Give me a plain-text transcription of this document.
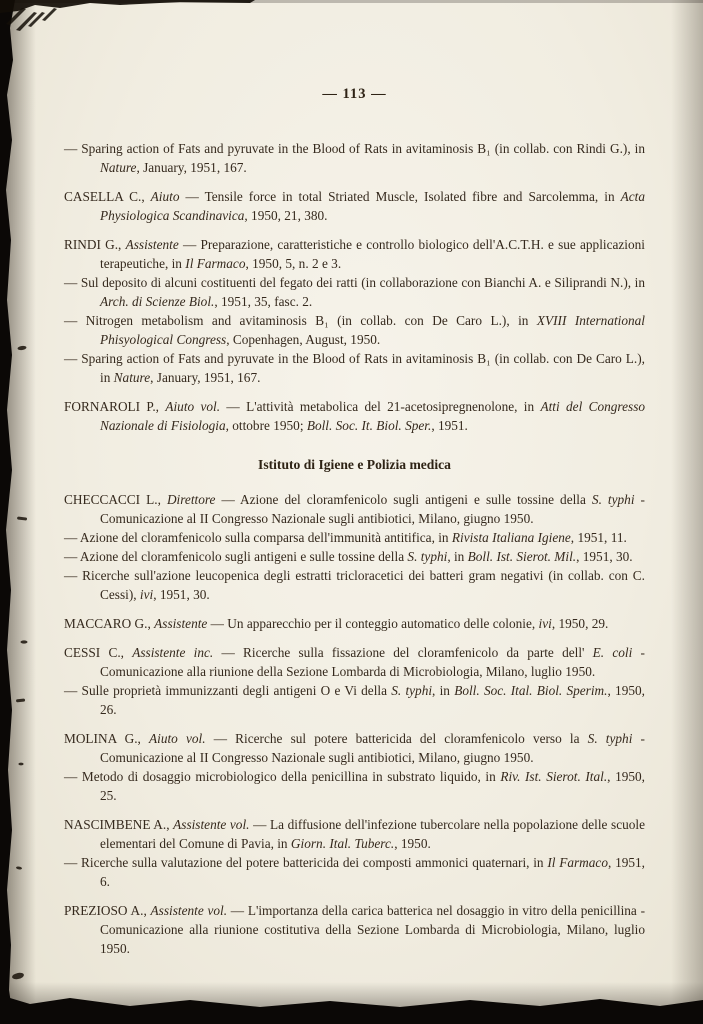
— 113 —

— Sparing action of Fats and pyruvate in the Blood of Rats in avitaminosis B₁ (in collab. con Rindi G.), in Nature, January, 1951, 167.

CASELLA C., Aiuto — Tensile force in total Striated Muscle, Isolated fibre and Sarcolemma, in Acta Physiologica Scandinavica, 1950, 21, 380.

RINDI G., Assistente — Preparazione, caratteristiche e controllo biologico dell'A.C.T.H. e sue applicazioni terapeutiche, in Il Farmaco, 1950, 5, n. 2 e 3.

— Sul deposito di alcuni costituenti del fegato dei ratti (in collaborazione con Bianchi A. e Siliprandi N.), in Arch. di Scienze Biol., 1951, 35, fasc. 2.

— Nitrogen metabolism and avitaminosis B₁ (in collab. con De Caro L.), in XVIII International Phisyological Congress, Copenhagen, August, 1950.

— Sparing action of Fats and pyruvate in the Blood of Rats in avitaminosis B₁ (in collab. con De Caro L.), in Nature, January, 1951, 167.

FORNAROLI P., Aiuto vol. — L'attività metabolica del 21-acetosipregnenolone, in Atti del Congresso Nazionale di Fisiologia, ottobre 1950; Boll. Soc. It. Biol. Sper., 1951.

Istituto di Igiene e Polizia medica

CHECCACCI L., Direttore — Azione del cloramfenicolo sugli antigeni e sulle tossine della S. typhi - Comunicazione al II Congresso Nazionale sugli antibiotici, Milano, giugno 1950.

— Azione del cloramfenicolo sulla comparsa dell'immunità antitifica, in Rivista Italiana Igiene, 1951, 11.

— Azione del cloramfenicolo sugli antigeni e sulle tossine della S. typhi, in Boll. Ist. Sierot. Mil., 1951, 30.

— Ricerche sull'azione leucopenica degli estratti tricloracetici dei batteri gram negativi (in collab. con C. Cessi), ivi, 1951, 30.

MACCARO G., Assistente — Un apparecchio per il conteggio automatico delle colonie, ivi, 1950, 29.

CESSI C., Assistente inc. — Ricerche sulla fissazione del cloramfenicolo da parte dell' E. coli - Comunicazione alla riunione della Sezione Lombarda di Microbiologia, Milano, luglio 1950.

— Sulle proprietà immunizzanti degli antigeni O e Vi della S. typhi, in Boll. Soc. Ital. Biol. Sperim., 1950, 26.

MOLINA G., Aiuto vol. — Ricerche sul potere battericida del cloramfenicolo verso la S. typhi - Comunicazione al II Congresso Nazionale sugli antibiotici, Milano, giugno 1950.

— Metodo di dosaggio microbiologico della penicillina in substrato liquido, in Riv. Ist. Sierot. Ital., 1950, 25.

NASCIMBENE A., Assistente vol. — La diffusione dell'infezione tubercolare nella popolazione delle scuole elementari del Comune di Pavia, in Giorn. Ital. Tuberc., 1950.

— Ricerche sulla valutazione del potere battericida dei composti ammonici quaternari, in Il Farmaco, 1951, 6.

PREZIOSO A., Assistente vol. — L'importanza della carica batterica nel dosaggio in vitro della penicillina - Comunicazione alla riunione costitutiva della Sezione Lombarda di Microbiologia, Milano, luglio 1950.
